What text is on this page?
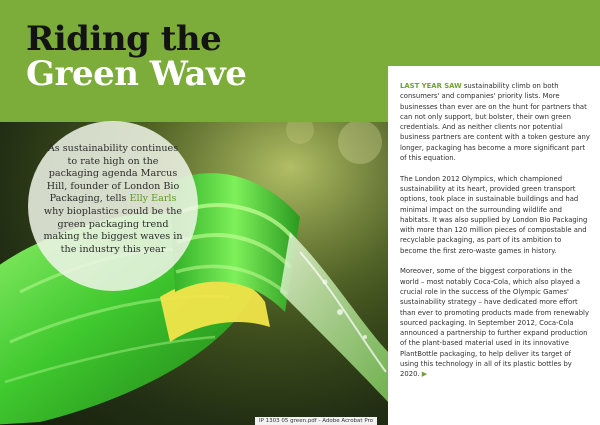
Riding the
Green Wave

As sustainability continues to rate high on the packaging agenda Marcus Hill, founder of London Bio Packaging, tells Elly Earls why bioplastics could be the green packaging trend making the biggest waves in the industry this year

IP 1303 05 green.pdf - Adobe Acrobat Pro

LAST YEAR SAW sustainability climb on both consumers' and companies' priority lists. More businesses than ever are on the hunt for partners that can not only support, but bolster, their own green credentials. And as neither clients nor potential business partners are content with a token gesture any longer, packaging has become a more significant part of this equation.

The London 2012 Olympics, which championed sustainability at its heart, provided green transport options, took place in sustainable buildings and had minimal impact on the surrounding wildlife and habitats. It was also supplied by London Bio Packaging with more than 120 million pieces of compostable and recyclable packaging, as part of its ambition to become the first zero-waste games in history.

Moreover, some of the biggest corporations in the world – most notably Coca-Cola, which also played a crucial role in the success of the Olympic Games' sustainability strategy – have dedicated more effort than ever to promoting products made from renewably sourced packaging. In September 2012, Coca-Cola announced a partnership to further expand production of the plant-based material used in its innovative PlantBottle packaging, to help deliver its target of using this technology in all of its plastic bottles by 2020. ▶
